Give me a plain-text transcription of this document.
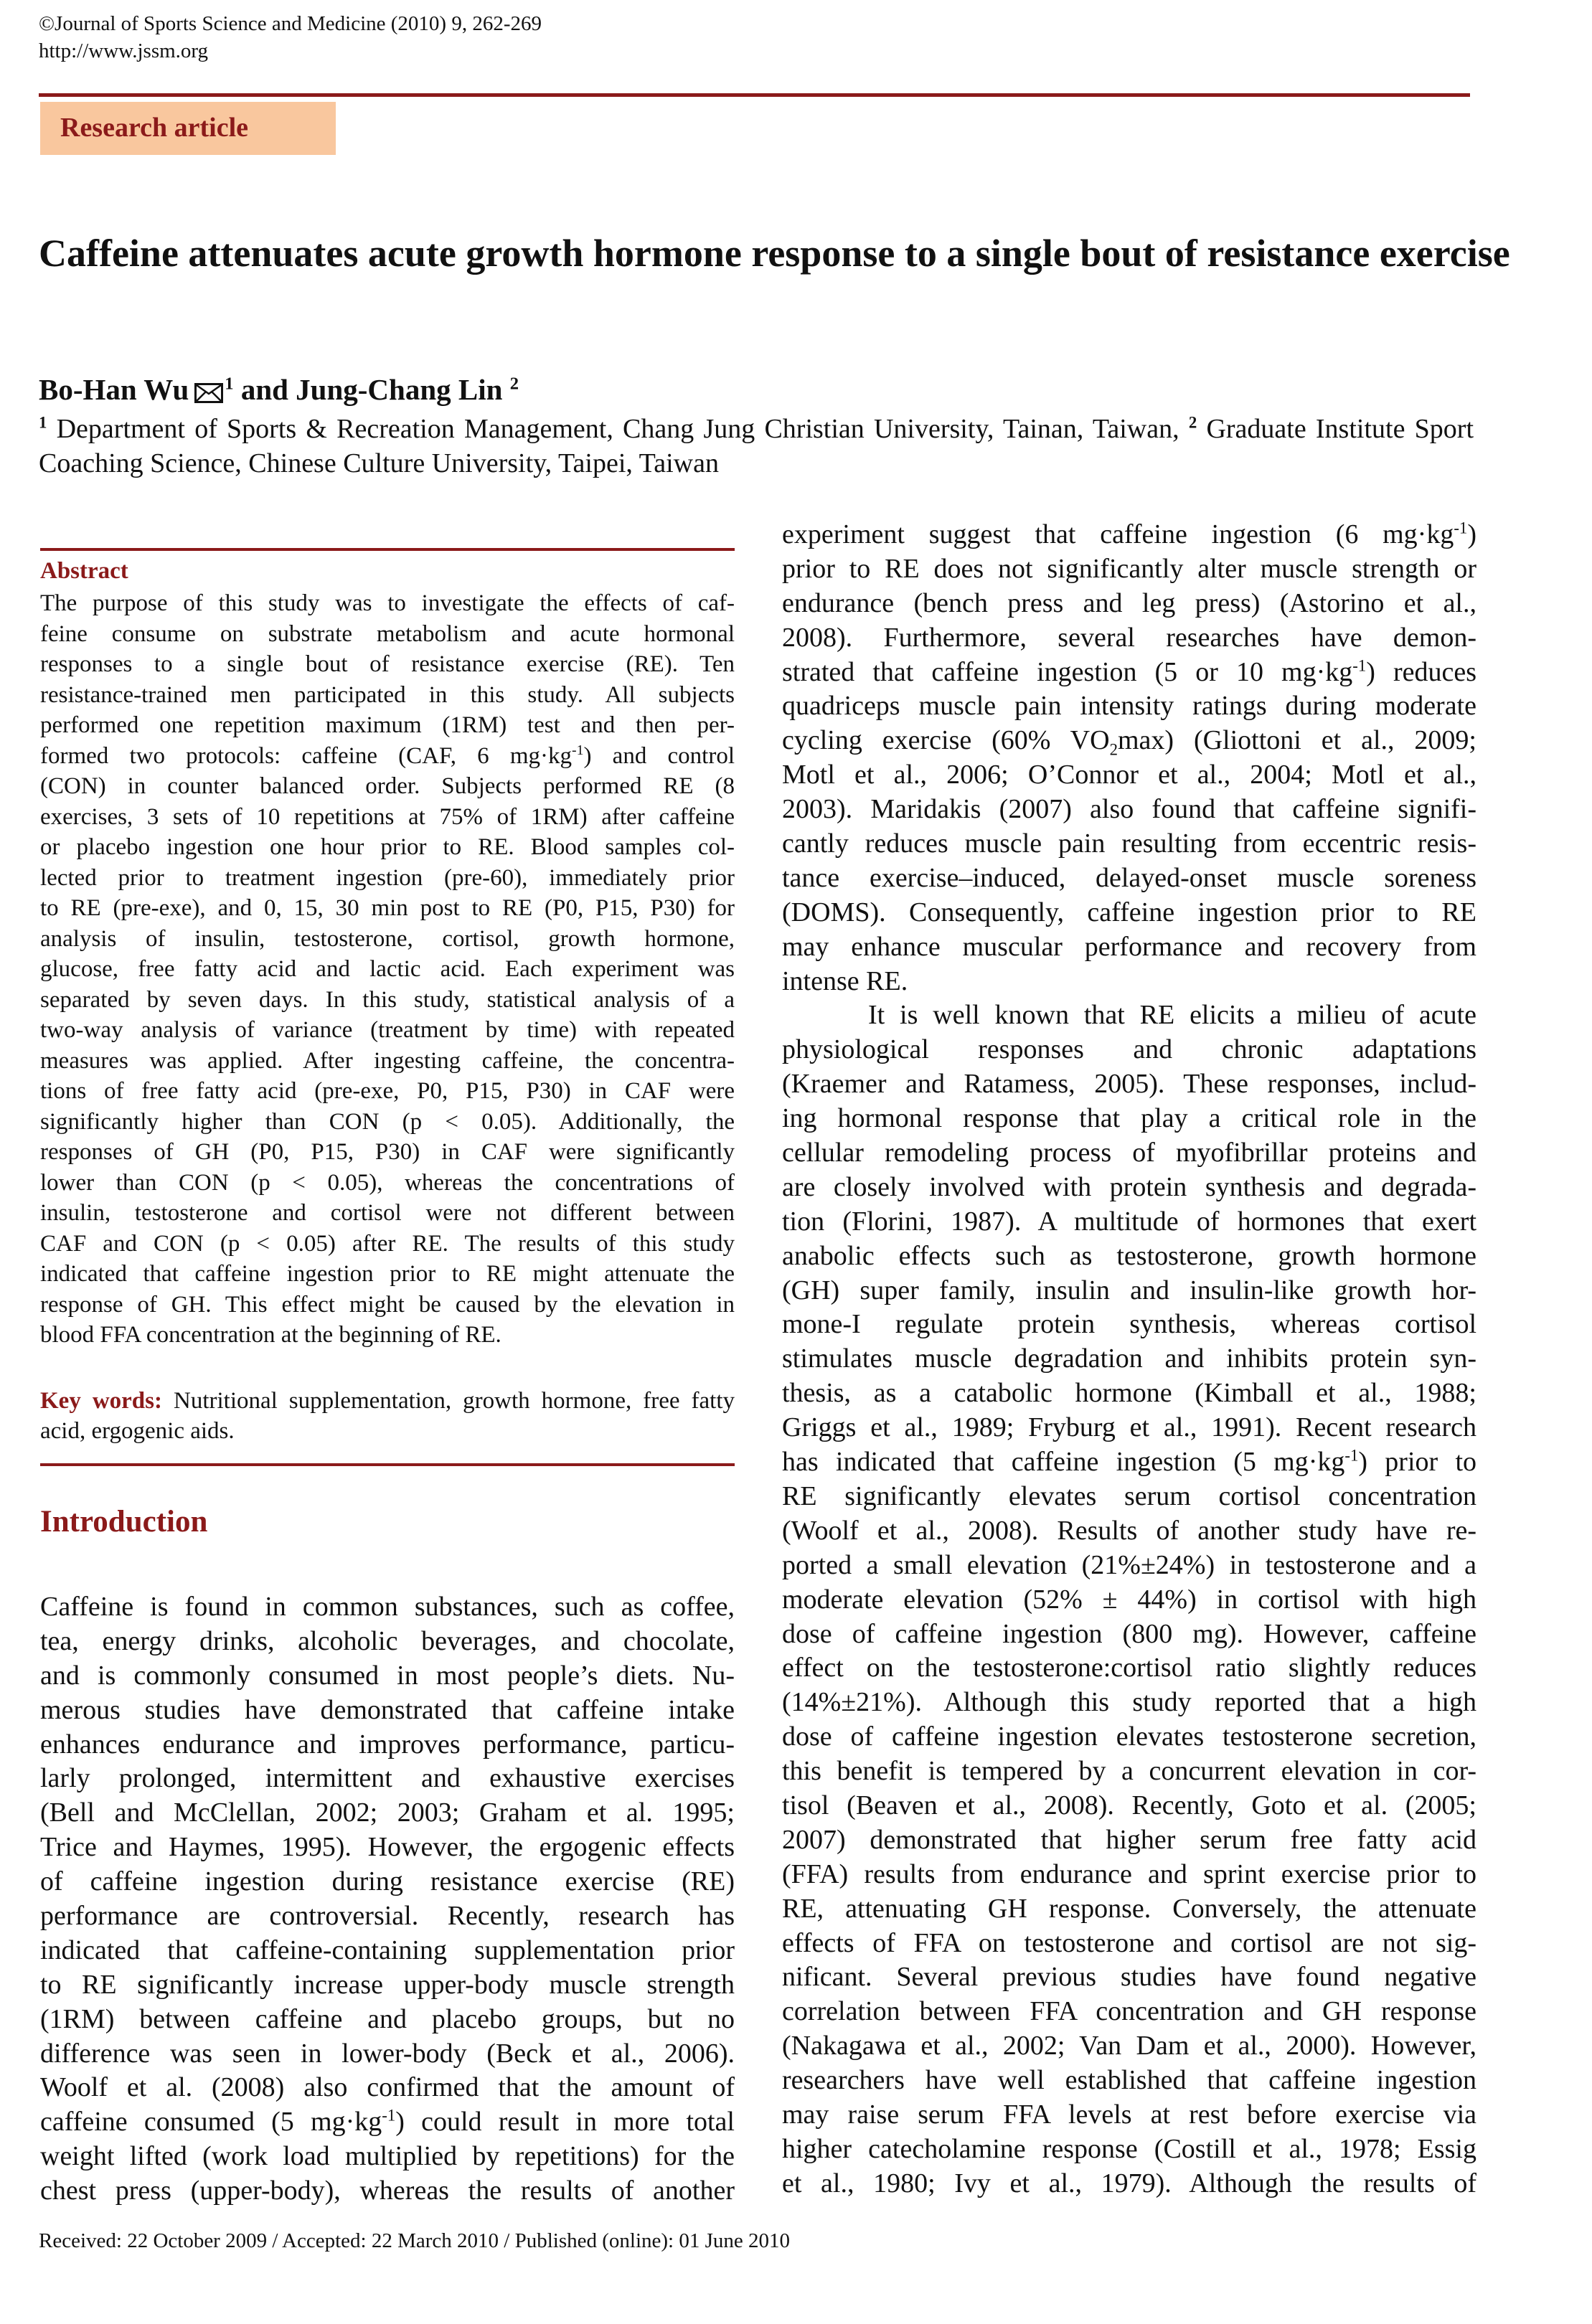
©Journal of Sports Science and Medicine (2010) 9, 262-269
http://www.jssm.org
Research article
Caffeine attenuates acute growth hormone response to a single bout of resistance exercise
Bo-Han Wu $^1$ and Jung-Chang Lin $^2$
$^1$ Department of Sports & Recreation Management, Chang Jung Christian University, Tainan, Taiwan, $^2$ Graduate Institute Sport Coaching Science, Chinese Culture University, Taipei, Taiwan
Abstract
The purpose of this study was to investigate the effects of caf-
feine consume on substrate metabolism and acute hormonal
responses to a single bout of resistance exercise (RE). Ten
resistance-trained men participated in this study. All subjects
performed one repetition maximum (1RM) test and then per-
formed two protocols: caffeine (CAF, 6 $mg\cdot kg^{-1}$) and control
(CON) in counter balanced order. Subjects performed RE (8
exercises, 3 sets of 10 repetitions at 75% of 1RM) after caffeine
or placebo ingestion one hour prior to RE. Blood samples col-
lected prior to treatment ingestion (pre-60), immediately prior
to RE (pre-exe), and 0, 15, 30 min post to RE (P0, P15, P30) for
analysis of insulin, testosterone, cortisol, growth hormone,
glucose, free fatty acid and lactic acid. Each experiment was
separated by seven days. In this study, statistical analysis of a
two-way analysis of variance (treatment by time) with repeated
measures was applied. After ingesting caffeine, the concentra-
tions of free fatty acid (pre-exe, P0, P15, P30) in CAF were
significantly higher than CON (p < 0.05). Additionally, the
responses of GH (P0, P15, P30) in CAF were significantly
lower than CON (p < 0.05), whereas the concentrations of
insulin, testosterone and cortisol were not different between
CAF and CON (p < 0.05) after RE. The results of this study
indicated that caffeine ingestion prior to RE might attenuate the
response of GH. This effect might be caused by the elevation in
blood FFA concentration at the beginning of RE.
Key words: Nutritional supplementation, growth hormone, free fatty acid, ergogenic aids.
Introduction
Caffeine is found in common substances, such as coffee,
tea, energy drinks, alcoholic beverages, and chocolate,
and is commonly consumed in most people’s diets. Nu-
merous studies have demonstrated that caffeine intake
enhances endurance and improves performance, particu-
larly prolonged, intermittent and exhaustive exercises
(Bell and McClellan, 2002; 2003; Graham et al. 1995;
Trice and Haymes, 1995). However, the ergogenic effects
of caffeine ingestion during resistance exercise (RE)
performance are controversial. Recently, research has
indicated that caffeine-containing supplementation prior
to RE significantly increase upper-body muscle strength
(1RM) between caffeine and placebo groups, but no
difference was seen in lower-body (Beck et al., 2006).
Woolf et al. (2008) also confirmed that the amount of
caffeine consumed (5 $mg\cdot kg^{-1}$) could result in more total
weight lifted (work load multiplied by repetitions) for the
chest press (upper-body), whereas the results of another
experiment suggest that caffeine ingestion (6 $mg\cdot kg^{-1}$)
prior to RE does not significantly alter muscle strength or
endurance (bench press and leg press) (Astorino et al.,
2008). Furthermore, several researches have demon-
strated that caffeine ingestion (5 or 10 $mg\cdot kg^{-1}$) reduces
quadriceps muscle pain intensity ratings during moderate
cycling exercise (60% $VO_2\max$) (Gliottoni et al., 2009;
Motl et al., 2006; O’Connor et al., 2004; Motl et al.,
2003). Maridakis (2007) also found that caffeine signifi-
cantly reduces muscle pain resulting from eccentric resis-
tance exercise–induced, delayed-onset muscle soreness
(DOMS). Consequently, caffeine ingestion prior to RE
may enhance muscular performance and recovery from
intense RE.
It is well known that RE elicits a milieu of acute
physiological responses and chronic adaptations
(Kraemer and Ratamess, 2005). These responses, includ-
ing hormonal response that play a critical role in the
cellular remodeling process of myofibrillar proteins and
are closely involved with protein synthesis and degrada-
tion (Florini, 1987). A multitude of hormones that exert
anabolic effects such as testosterone, growth hormone
(GH) super family, insulin and insulin-like growth hor-
mone-I regulate protein synthesis, whereas cortisol
stimulates muscle degradation and inhibits protein syn-
thesis, as a catabolic hormone (Kimball et al., 1988;
Griggs et al., 1989; Fryburg et al., 1991). Recent research
has indicated that caffeine ingestion (5 $mg\cdot kg^{-1}$) prior to
RE significantly elevates serum cortisol concentration
(Woolf et al., 2008). Results of another study have re-
ported a small elevation (21%±24%) in testosterone and a
moderate elevation (52% ± 44%) in cortisol with high
dose of caffeine ingestion (800 mg). However, caffeine
effect on the testosterone:cortisol ratio slightly reduces
(14%±21%). Although this study reported that a high
dose of caffeine ingestion elevates testosterone secretion,
this benefit is tempered by a concurrent elevation in cor-
tisol (Beaven et al., 2008). Recently, Goto et al. (2005;
2007) demonstrated that higher serum free fatty acid
(FFA) results from endurance and sprint exercise prior to
RE, attenuating GH response. Conversely, the attenuate
effects of FFA on testosterone and cortisol are not sig-
nificant. Several previous studies have found negative
correlation between FFA concentration and GH response
(Nakagawa et al., 2002; Van Dam et al., 2000). However,
researchers have well established that caffeine ingestion
may raise serum FFA levels at rest before exercise via
higher catecholamine response (Costill et al., 1978; Essig
et al., 1980; Ivy et al., 1979). Although the results of
Received: 22 October 2009 / Accepted: 22 March 2010 / Published (online): 01 June 2010
